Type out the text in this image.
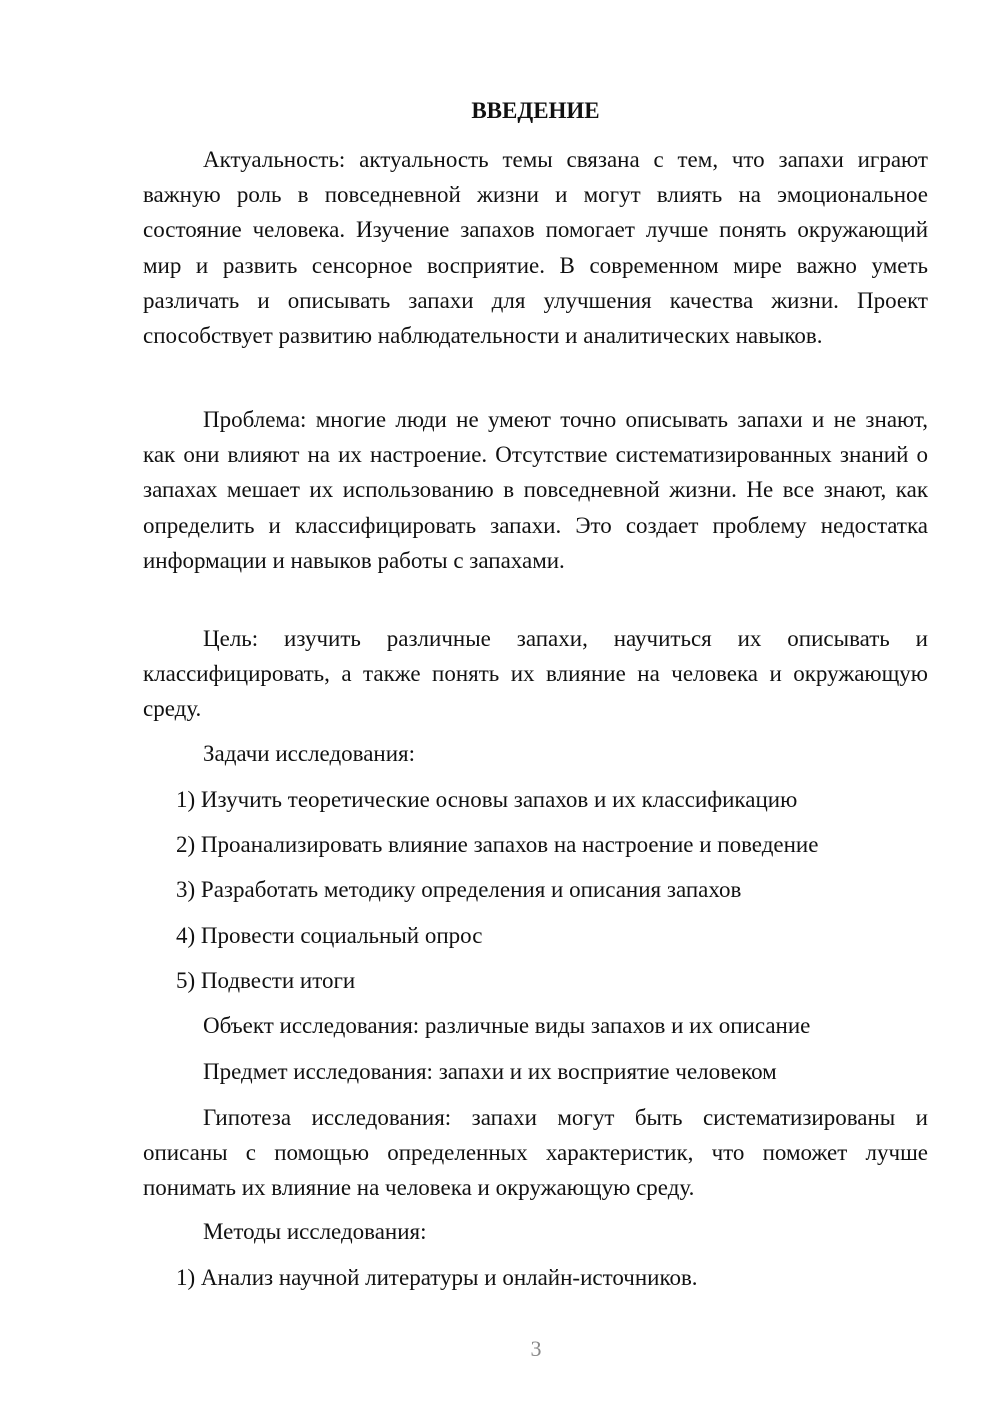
ВВЕДЕНИЕ

Актуальность: актуальность темы связана с тем, что запахи играют важную роль в повседневной жизни и могут влиять на эмоциональное состояние человека. Изучение запахов помогает лучше понять окружающий мир и развить сенсорное восприятие. В современном мире важно уметь различать и описывать запахи для улучшения качества жизни. Проект способствует развитию наблюдательности и аналитических навыков.

Проблема: многие люди не умеют точно описывать запахи и не знают, как они влияют на их настроение. Отсутствие систематизированных знаний о запахах мешает их использованию в повседневной жизни. Не все знают, как определить и классифицировать запахи. Это создает проблему недостатка информации и навыков работы с запахами.

Цель: изучить различные запахи, научиться их описывать и классифицировать, а также понять их влияние на человека и окружающую среду.

Задачи исследования:
1) Изучить теоретические основы запахов и их классификацию
2) Проанализировать влияние запахов на настроение и поведение
3) Разработать методику определения и описания запахов
4) Провести социальный опрос
5) Подвести итоги
Объект исследования: различные виды запахов и их описание
Предмет исследования: запахи и их восприятие человеком

Гипотеза исследования: запахи могут быть систематизированы и описаны с помощью определенных характеристик, что поможет лучше понимать их влияние на человека и окружающую среду.

Методы исследования:
1) Анализ научной литературы и онлайн-источников.
3
